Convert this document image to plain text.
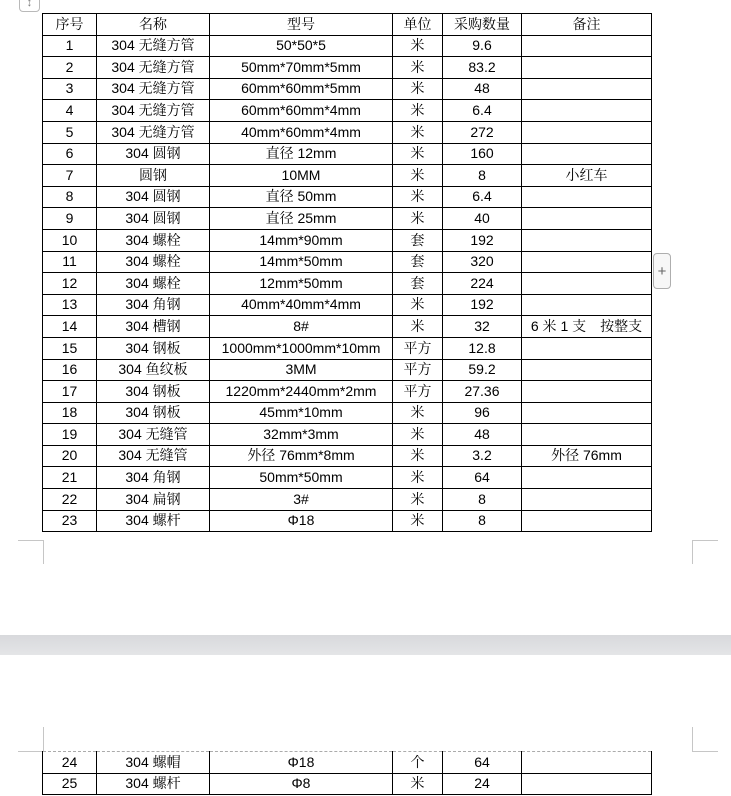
↕
序号	名称	型号	单位	采购数量	备注
1	304 无缝方管	50*50*5	米	9.6	
2	304 无缝方管	50mm*70mm*5mm	米	83.2	
3	304 无缝方管	60mm*60mm*5mm	米	48	
4	304 无缝方管	60mm*60mm*4mm	米	6.4	
5	304 无缝方管	40mm*60mm*4mm	米	272	
6	304 圆钢	直径 12mm	米	160	
7	圆钢	10MM	米	8	小红车
8	304 圆钢	直径 50mm	米	6.4	
9	304 圆钢	直径 25mm	米	40	
10	304 螺栓	14mm*90mm	套	192	
11	304 螺栓	14mm*50mm	套	320	
12	304 螺栓	12mm*50mm	套	224	
13	304 角钢	40mm*40mm*4mm	米	192	
14	304 槽钢	8#	米	32	6 米 1 支　按整支
15	304 钢板	1000mm*1000mm*10mm	平方	12.8	
16	304 鱼纹板	3MM	平方	59.2	
17	304 钢板	1220mm*2440mm*2mm	平方	27.36	
18	304 钢板	45mm*10mm	米	96	
19	304 无缝管	32mm*3mm	米	48	
20	304 无缝管	外径 76mm*8mm	米	3.2	外径 76mm
21	304 角钢	50mm*50mm	米	64	
22	304 扁钢	3#	米	8	
23	304 螺杆	Φ18	米	8	
24	304 螺帽	Φ18	个	64	
25	304 螺杆	Φ8	米	24	
+
